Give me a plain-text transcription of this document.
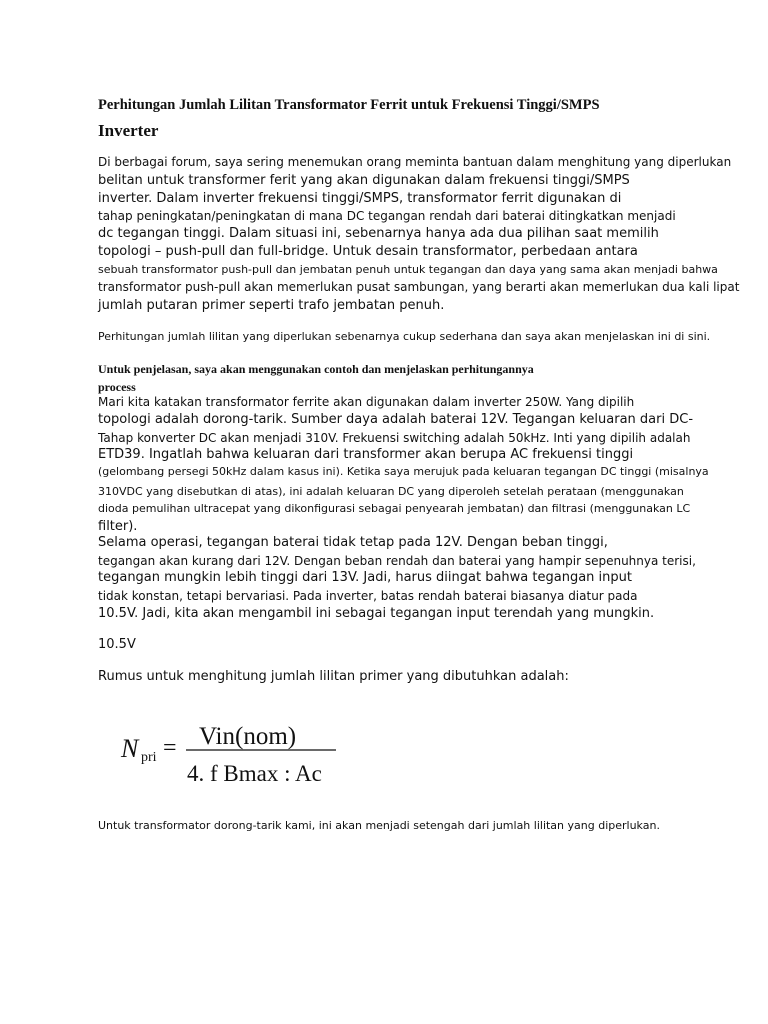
Perhitungan Jumlah Lilitan Transformator Ferrit untuk Frekuensi Tinggi/SMPS
Inverter
Di berbagai forum, saya sering menemukan orang meminta bantuan dalam menghitung yang diperlukan
belitan untuk transformer ferit yang akan digunakan dalam frekuensi tinggi/SMPS
inverter. Dalam inverter frekuensi tinggi/SMPS, transformator ferrit digunakan di
tahap peningkatan/peningkatan di mana DC tegangan rendah dari baterai ditingkatkan menjadi
dc tegangan tinggi. Dalam situasi ini, sebenarnya hanya ada dua pilihan saat memilih
topologi – push-pull dan full-bridge. Untuk desain transformator, perbedaan antara
sebuah transformator push-pull dan jembatan penuh untuk tegangan dan daya yang sama akan menjadi bahwa
transformator push-pull akan memerlukan pusat sambungan, yang berarti akan memerlukan dua kali lipat
jumlah putaran primer seperti trafo jembatan penuh.
Perhitungan jumlah lilitan yang diperlukan sebenarnya cukup sederhana dan saya akan menjelaskan ini di sini.
Untuk penjelasan, saya akan menggunakan contoh dan menjelaskan perhitungannya
process
Mari kita katakan transformator ferrite akan digunakan dalam inverter 250W. Yang dipilih
topologi adalah dorong-tarik. Sumber daya adalah baterai 12V. Tegangan keluaran dari DC-
Tahap konverter DC akan menjadi 310V. Frekuensi switching adalah 50kHz. Inti yang dipilih adalah
ETD39. Ingatlah bahwa keluaran dari transformer akan berupa AC frekuensi tinggi
(gelombang persegi 50kHz dalam kasus ini). Ketika saya merujuk pada keluaran tegangan DC tinggi (misalnya
310VDC yang disebutkan di atas), ini adalah keluaran DC yang diperoleh setelah perataan (menggunakan
dioda pemulihan ultracepat yang dikonfigurasi sebagai penyearah jembatan) dan filtrasi (menggunakan LC
filter).
Selama operasi, tegangan baterai tidak tetap pada 12V. Dengan beban tinggi,
tegangan akan kurang dari 12V. Dengan beban rendah dan baterai yang hampir sepenuhnya terisi,
tegangan mungkin lebih tinggi dari 13V. Jadi, harus diingat bahwa tegangan input
tidak konstan, tetapi bervariasi. Pada inverter, batas rendah baterai biasanya diatur pada
10.5V. Jadi, kita akan mengambil ini sebagai tegangan input terendah yang mungkin.
10.5V
Rumus untuk menghitung jumlah lilitan primer yang dibutuhkan adalah:
N pri = Vin(nom)
4. f Bmax : Ac
Untuk transformator dorong-tarik kami, ini akan menjadi setengah dari jumlah lilitan yang diperlukan.
